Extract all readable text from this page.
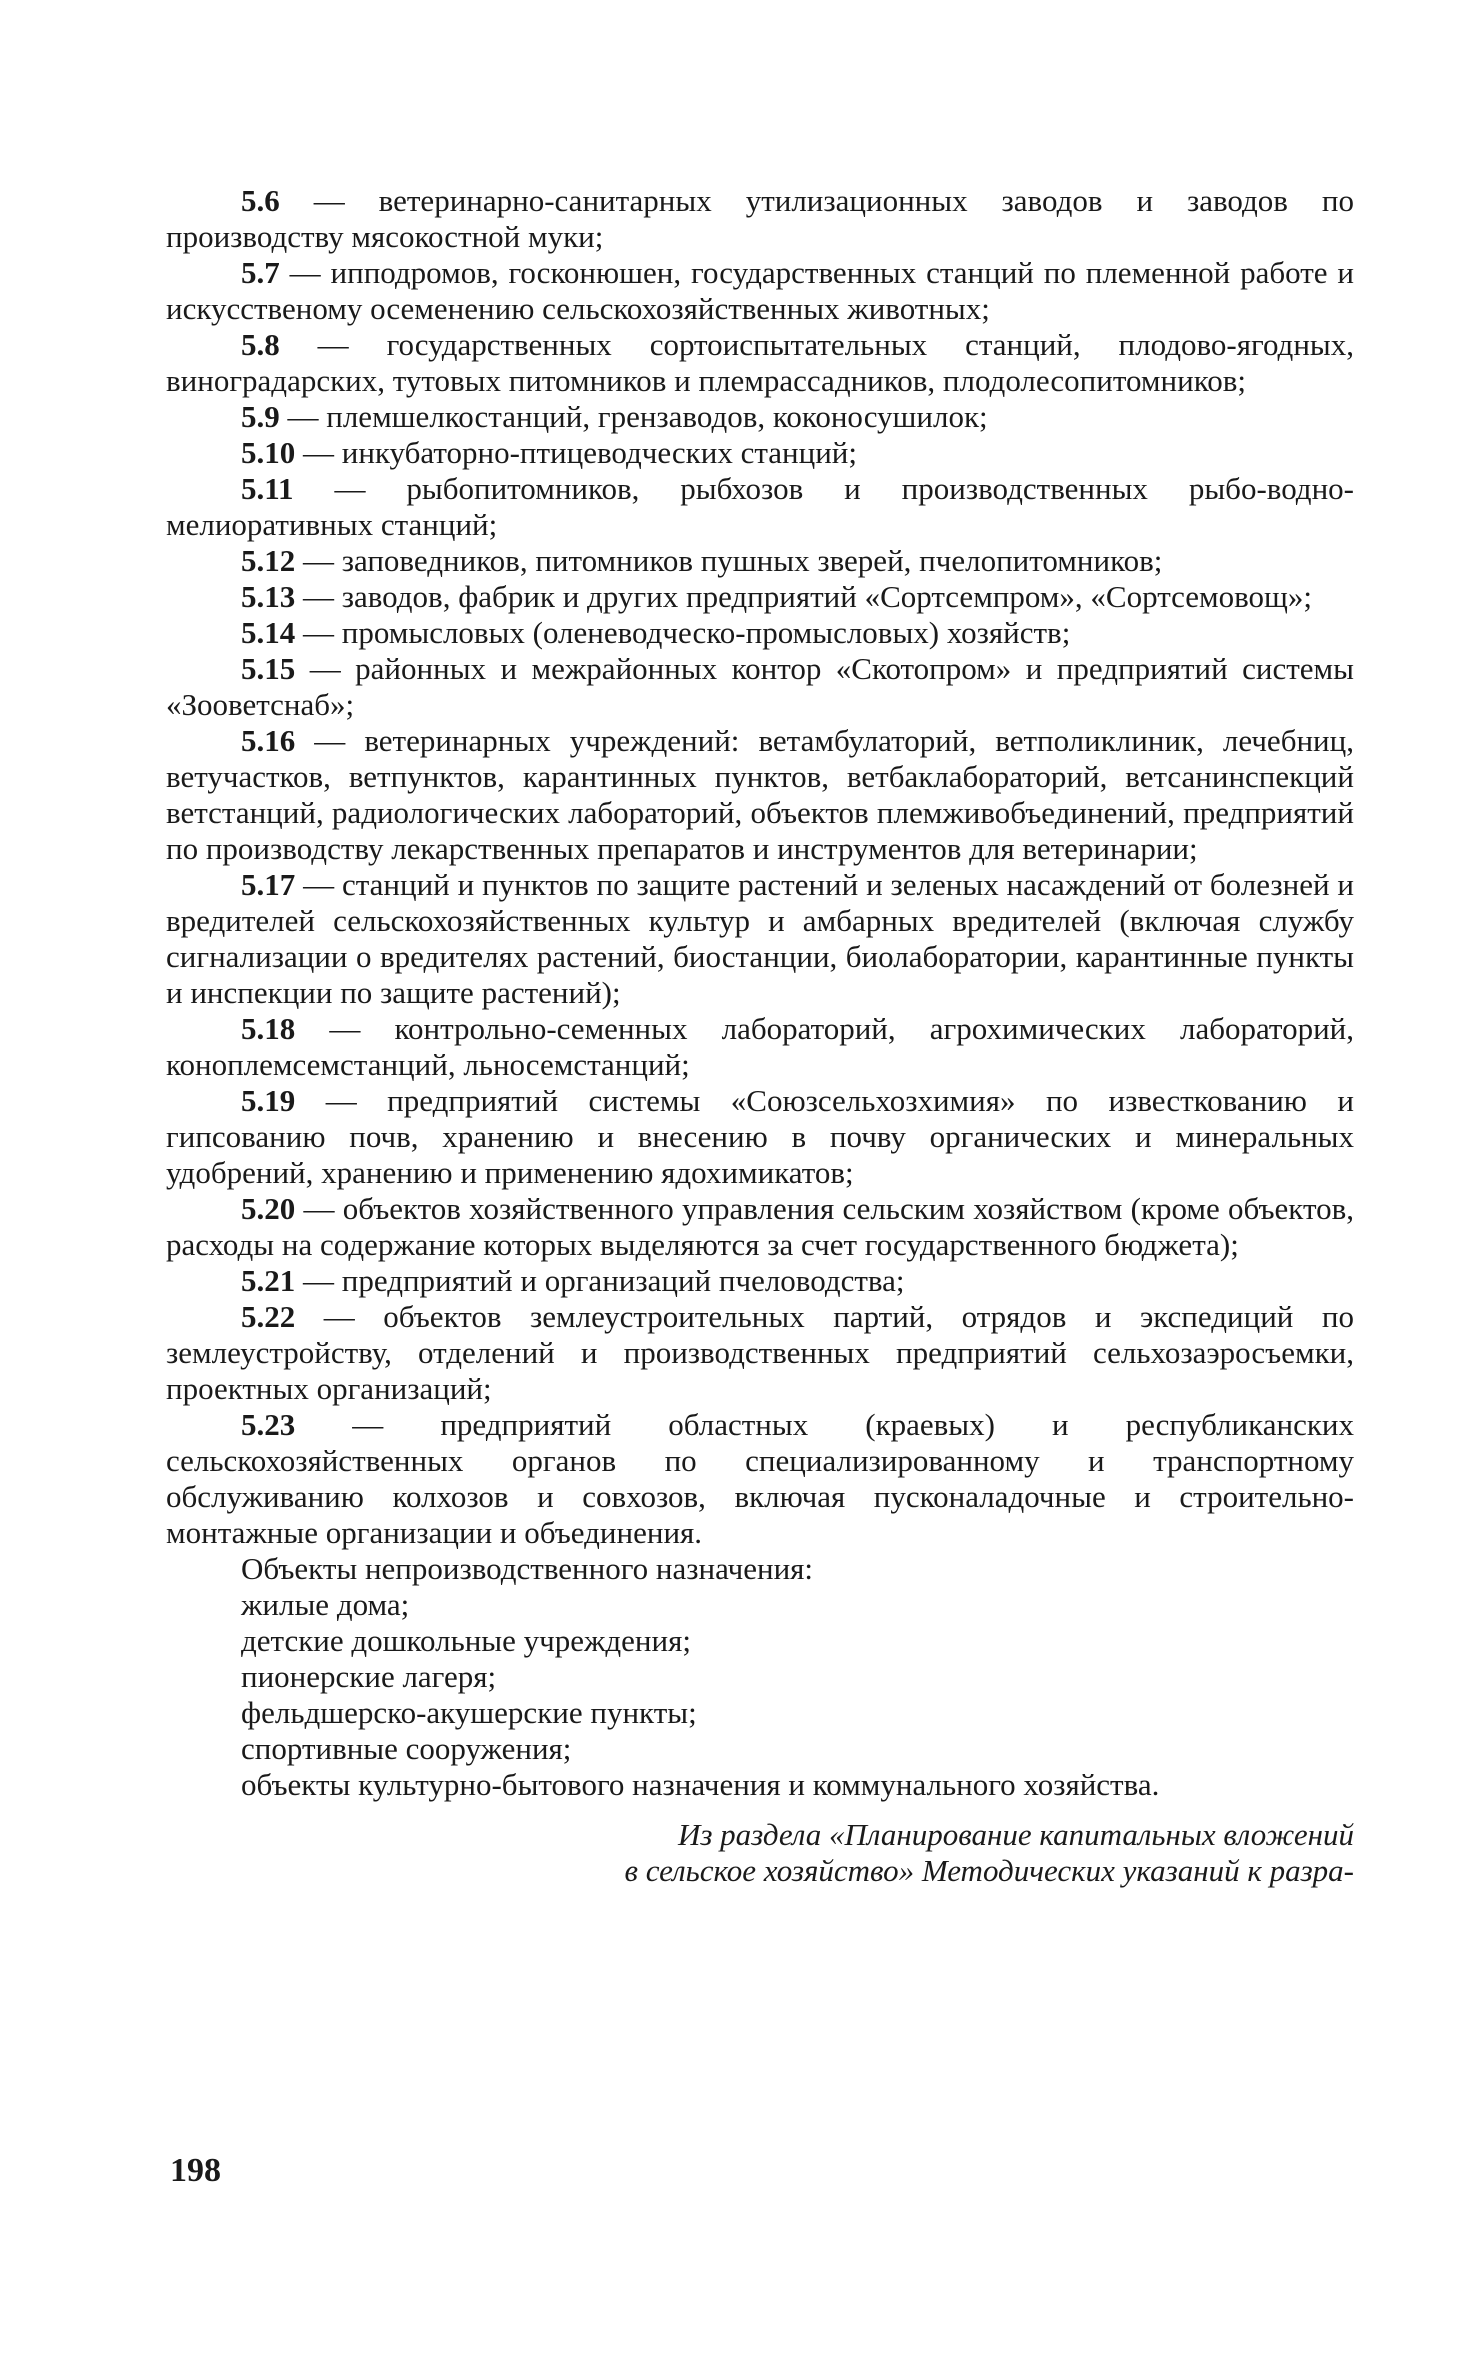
5.6 — ветеринарно-санитарных утилизационных заводов и заводов по производству мясокостной муки;

5.7 — ипподромов, госконюшен, государственных станций по племенной работе и искусственому осеменению сельскохозяйственных животных;

5.8 — государственных сортоиспытательных станций, плодово-ягодных, виноградарских, тутовых питомников и племрассадников, плодолесопитомников;

5.9 — племшелкостанций, грензаводов, коконосушилок;

5.10 — инкубаторно-птицеводческих станций;

5.11 — рыбопитомников, рыбхозов и производственных рыбо-водно-мелиоративных станций;

5.12 — заповедников, питомников пушных зверей, пчелопитомников;

5.13 — заводов, фабрик и других предприятий «Сортсемпром», «Сортсемовощ»;

5.14 — промысловых (оленеводческо-промысловых) хозяйств;

5.15 — районных и межрайонных контор «Скотопром» и предприятий системы «Зооветснаб»;

5.16 — ветеринарных учреждений: ветамбулаторий, ветполиклиник, лечебниц, ветучастков, ветпунктов, карантинных пунктов, ветбаклабораторий, ветсанинспекций ветстанций, радиологических лабораторий, объектов племживобъединений, предприятий по производству лекарственных препаратов и инструментов для ветеринарии;

5.17 — станций и пунктов по защите растений и зеленых насаждений от болезней и вредителей сельскохозяйственных культур и амбарных вредителей (включая службу сигнализации о вредителях растений, биостанции, биолаборатории, карантинные пункты и инспекции по защите растений);

5.18 — контрольно-семенных лабораторий, агрохимических лабораторий, коноплемсемстанций, льносемстанций;

5.19 — предприятий системы «Союзсельхозхимия» по известкованию и гипсованию почв, хранению и внесению в почву органических и минеральных удобрений, хранению и применению ядохимикатов;

5.20 — объектов хозяйственного управления сельским хозяйством (кроме объектов, расходы на содержание которых выделяются за счет государственного бюджета);

5.21 — предприятий и организаций пчеловодства;

5.22 — объектов землеустроительных партий, отрядов и экспедиций по землеустройству, отделений и производственных предприятий сельхозаэросъемки, проектных организаций;

5.23 — предприятий областных (краевых) и республиканских сельскохозяйственных органов по специализированному и транспортному обслуживанию колхозов и совхозов, включая пусконаладочные и строительно-монтажные организации и объединения.

Объекты непроизводственного назначения:

жилые дома;

детские дошкольные учреждения;

пионерские лагеря;

фельдшерско-акушерские пункты;

спортивные сооружения;

объекты культурно-бытового назначения и коммунального хозяйства.

Из раздела «Планирование капитальных вложений
в сельское хозяйство» Методических указаний к разра-

198
